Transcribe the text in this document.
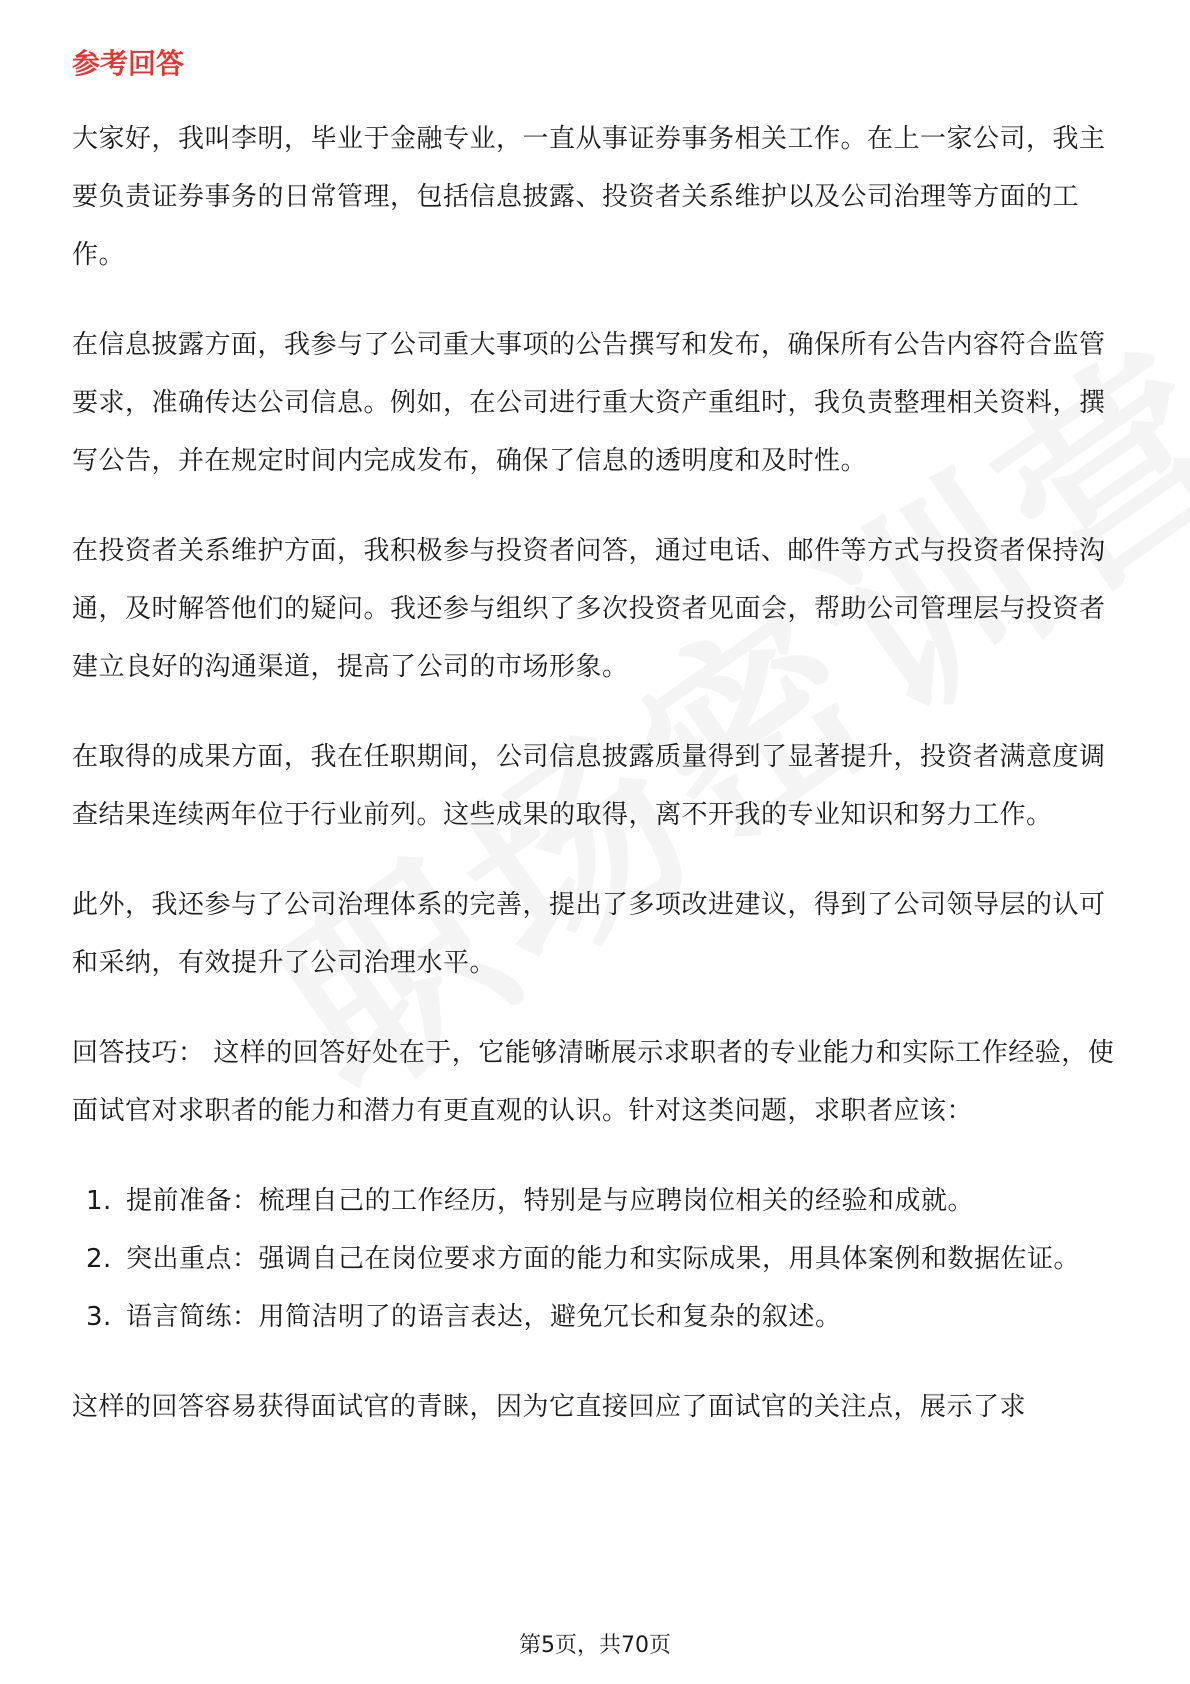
参考回答

大家好，我叫李明，毕业于金融专业，一直从事证券事务相关工作。在上一家公司，我主要负责证券事务的日常管理，包括信息披露、投资者关系维护以及公司治理等方面的工作。

在信息披露方面，我参与了公司重大事项的公告撰写和发布，确保所有公告内容符合监管要求，准确传达公司信息。例如，在公司进行重大资产重组时，我负责整理相关资料，撰写公告，并在规定时间内完成发布，确保了信息的透明度和及时性。

在投资者关系维护方面，我积极参与投资者问答，通过电话、邮件等方式与投资者保持沟通，及时解答他们的疑问。我还参与组织了多次投资者见面会，帮助公司管理层与投资者建立良好的沟通渠道，提高了公司的市场形象。

在取得的成果方面，我在任职期间，公司信息披露质量得到了显著提升，投资者满意度调查结果连续两年位于行业前列。这些成果的取得，离不开我的专业知识和努力工作。

此外，我还参与了公司治理体系的完善，提出了多项改进建议，得到了公司领导层的认可和采纳，有效提升了公司治理水平。

回答技巧： 这样的回答好处在于，它能够清晰展示求职者的专业能力和实际工作经验，使面试官对求职者的能力和潜力有更直观的认识。针对这类问题，求职者应该：

1. 提前准备：梳理自己的工作经历，特别是与应聘岗位相关的经验和成就。
2. 突出重点：强调自己在岗位要求方面的能力和实际成果，用具体案例和数据佐证。
3. 语言简练：用简洁明了的语言表达，避免冗长和复杂的叙述。

这样的回答容易获得面试官的青睐，因为它直接回应了面试官的关注点，展示了求

第5页，共70页
